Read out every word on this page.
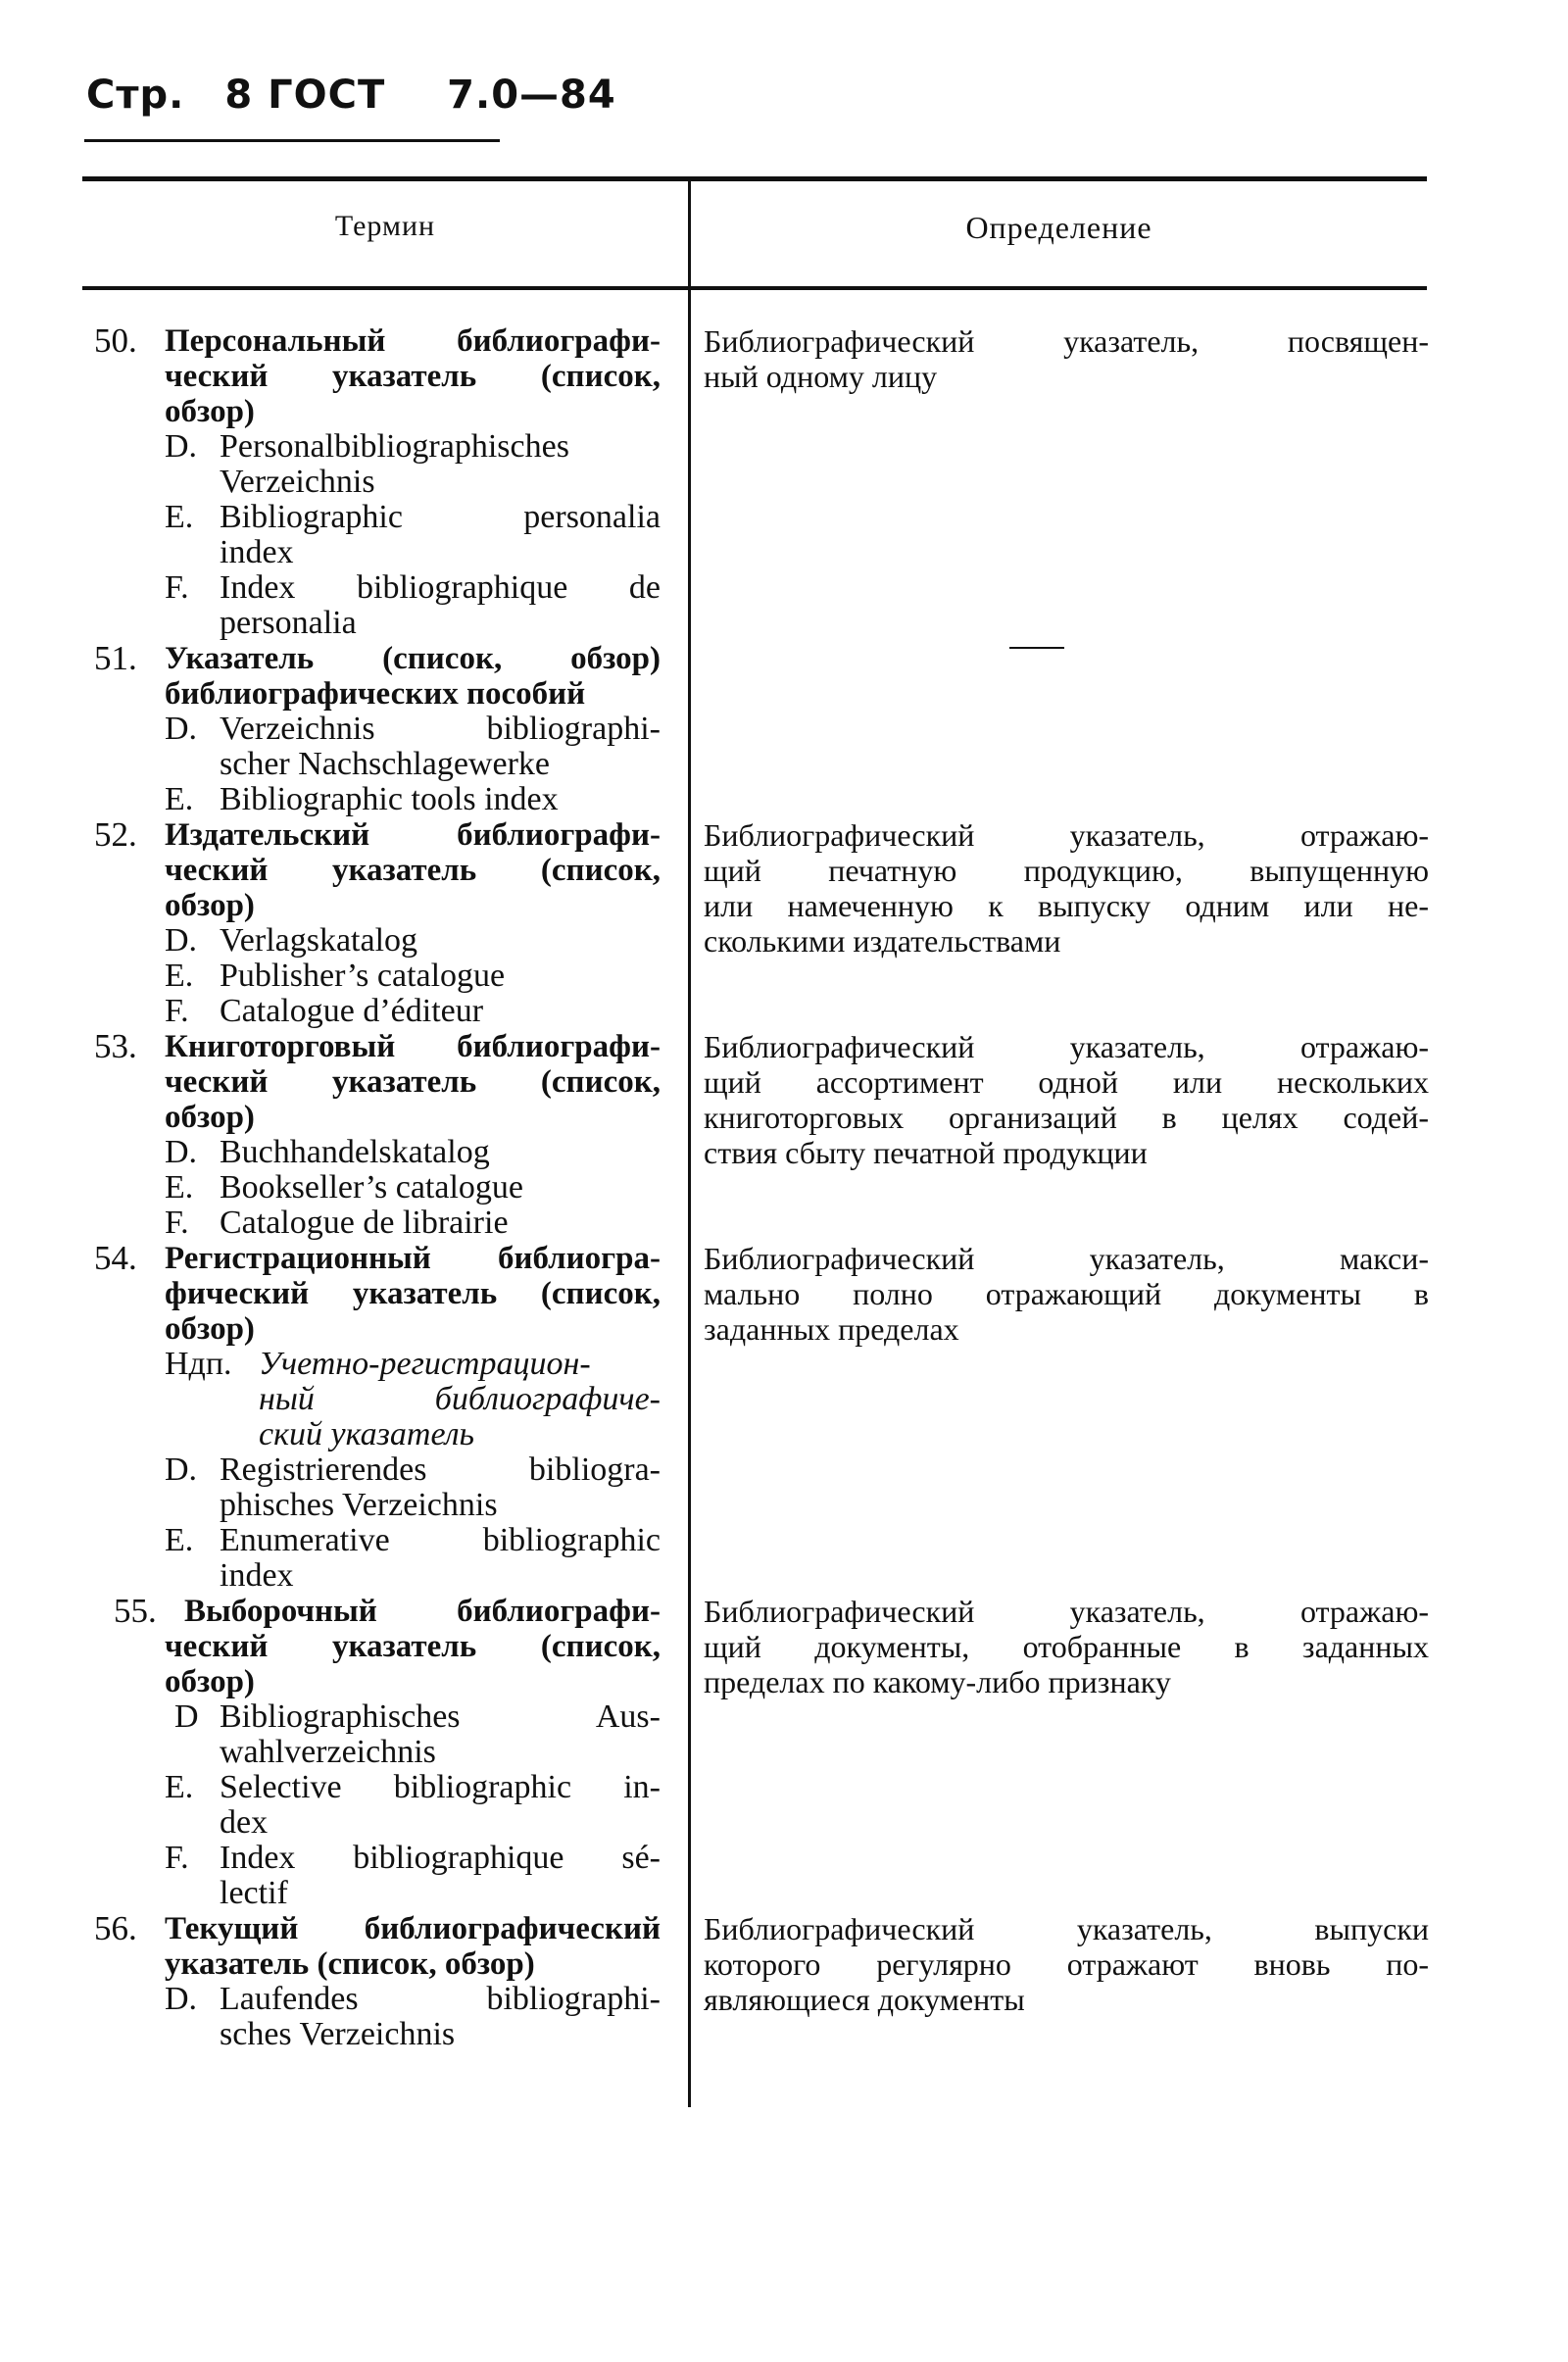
Стр. 8 ГОСТ 7.0—84
Термин	Определение
50. Персональный библиографи-
ческий указатель (список,
обзор)
D. Personalbibliographisches
Verzeichnis
E. Bibliographic personalia
index
F. Index bibliographique de
personalia
51. Указатель (список, обзор)
библиографических пособий
D. Verzeichnis bibliographi-
scher Nachschlagewerke
E. Bibliographic tools index
52. Издательский библиографи-
ческий указатель (список,
обзор)
D. Verlagskatalog
E. Publisher’s catalogue
F. Catalogue d’éditeur
53. Книготорговый библиографи-
ческий указатель (список,
обзор)
D. Buchhandelskatalog
E. Bookseller’s catalogue
F. Catalogue de librairie
54. Регистрационный библиогра-
фический указатель (список,
обзор)
Ндп. Учетно-регистрацион-
ный библиографиче-
ский указатель
D. Registrierendes bibliogra-
phisches Verzeichnis
E. Enumerative bibliographic
index
55. Выборочный библиографи-
ческий указатель (список,
обзор)
D Bibliographisches Aus-
wahlverzeichnis
E. Selective bibliographic in-
dex
F. Index bibliographique sé-
lectif
56. Текущий библиографический
указатель (список, обзор)
D. Laufendes bibliographi-
sches Verzeichnis
Библиографический указатель, посвящен-
ный одному лицу
Библиографический указатель, отражаю-
щий печатную продукцию, выпущенную
или намеченную к выпуску одним или не-
сколькими издательствами
Библиографический указатель, отражаю-
щий ассортимент одной или нескольких
книготорговых организаций в целях содей-
ствия сбыту печатной продукции
Библиографический указатель, макси-
мально полно отражающий документы в
заданных пределах
Библиографический указатель, отражаю-
щий документы, отобранные в заданных
пределах по какому-либо признаку
Библиографический указатель, выпуски
которого регулярно отражают вновь по-
являющиеся документы
